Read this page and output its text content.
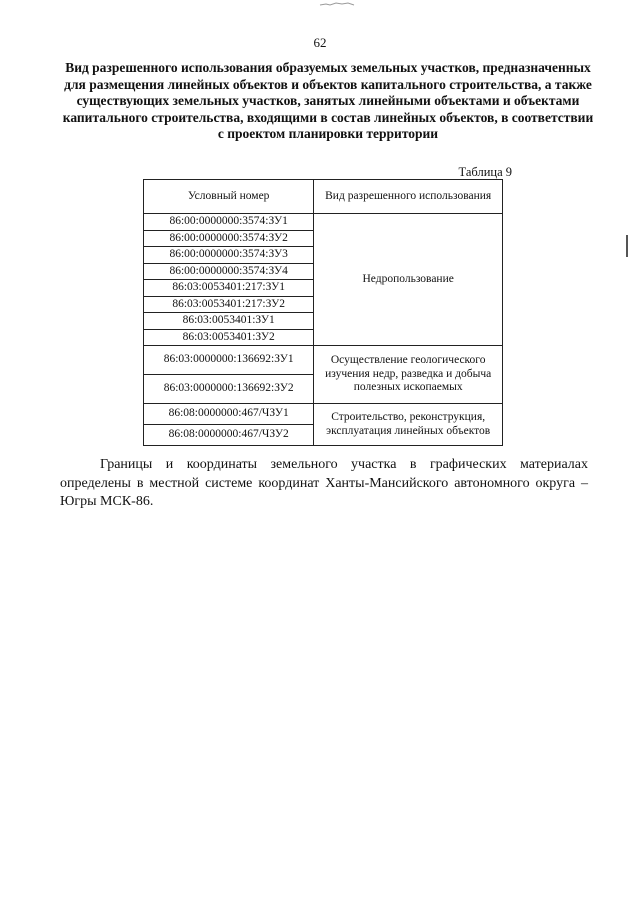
62
Вид разрешенного использования образуемых земельных участков, предназначенных для размещения линейных объектов и объектов капитального строительства, а также существующих земельных участков, занятых линейными объектами и объектами капитального строительства, входящими в состав линейных объектов, в соответствии с проектом планировки территории
Таблица 9
Условный номер	Вид разрешенного использования
86:00:0000000:3574:ЗУ1	Недропользование
86:00:0000000:3574:ЗУ2	
86:00:0000000:3574:ЗУ3	
86:00:0000000:3574:ЗУ4	
86:03:0053401:217:ЗУ1	
86:03:0053401:217:ЗУ2	
86:03:0053401:ЗУ1	
86:03:0053401:ЗУ2	
86:03:0000000:136692:ЗУ1	Осуществление геологического изучения недр, разведка и добыча полезных ископаемых
86:03:0000000:136692:ЗУ2	
86:08:0000000:467/ЧЗУ1	Строительство, реконструкция, эксплуатация линейных объектов
86:08:0000000:467/ЧЗУ2	
Границы и координаты земельного участка в графических материалах определены в местной системе координат Ханты-Мансийского автономного округа – Югры МСК-86.
